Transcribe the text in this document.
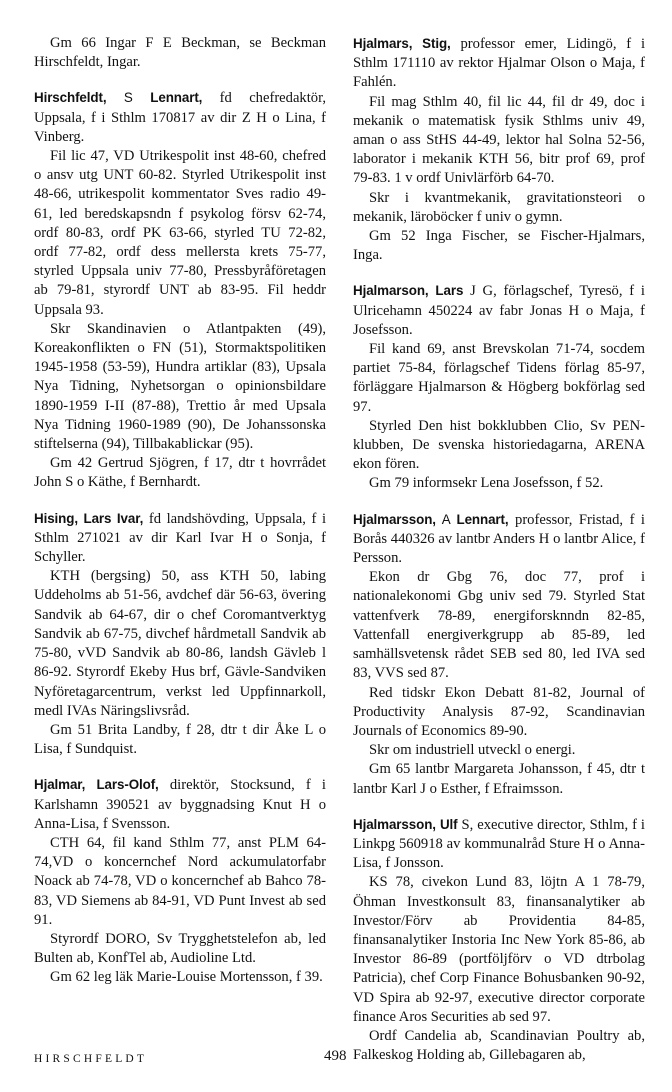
Gm 66 Ingar F E Beckman, se Beckman Hirschfeldt, Ingar.

Hirschfeldt, S Lennart, fd chefredaktör, Uppsala, f i Sthlm 170817 av dir Z H o Lina, f Vinberg.

Fil lic 47, VD Utrikespolit inst 48-60, chefred o ansv utg UNT 60-82. Styrled Utrikespolit inst 48-66, utrikespolit kommentator Sves radio 49-61, led beredskapsndn f psykolog försv 62-74, ordf 80-83, ordf PK 63-66, styrled TU 72-82, ordf 77-82, ordf dess mellersta krets 75-77, styrled Uppsala univ 77-80, Pressbyråföretagen ab 79-81, styrordf UNT ab 83-95. Fil heddr Uppsala 93.

Skr Skandinavien o Atlantpakten (49), Koreakonflikten o FN (51), Stormaktspolitiken 1945-1958 (53-59), Hundra artiklar (83), Upsala Nya Tidning, Nyhetsorgan o opinionsbildare 1890-1959 I-II (87-88), Trettio år med Upsala Nya Tidning 1960-1989 (90), De Johanssonska stiftelserna (94), Tillbakablickar (95).

Gm 42 Gertrud Sjögren, f 17, dtr t hovrrådet John S o Käthe, f Bernhardt.

Hising, Lars Ivar, fd landshövding, Uppsala, f i Sthlm 271021 av dir Karl Ivar H o Sonja, f Schyller.

KTH (bergsing) 50, ass KTH 50, labing Uddeholms ab 51-56, avdchef där 56-63, övering Sandvik ab 64-67, dir o chef Coromantverktyg Sandvik ab 67-75, divchef hårdmetall Sandvik ab 75-80, vVD Sandvik ab 80-86, landsh Gävleb l 86-92. Styrordf Ekeby Hus brf, Gävle-Sandviken Nyföretagarcentrum, verkst led Uppfinnarkoll, medl IVAs Näringslivsråd.

Gm 51 Brita Landby, f 28, dtr t dir Åke L o Lisa, f Sundquist.

Hjalmar, Lars-Olof, direktör, Stocksund, f i Karlshamn 390521 av byggnadsing Knut H o Anna-Lisa, f Svensson.

CTH 64, fil kand Sthlm 77, anst PLM 64-74,VD o koncernchef Nord ackumulatorfabr Noack ab 74-78, VD o koncernchef ab Bahco 78-83, VD Siemens ab 84-91, VD Punt Invest ab sed 91.

Styrordf DORO, Sv Trygghetstelefon ab, led Bulten ab, KonfTel ab, Audioline Ltd.

Gm 62 leg läk Marie-Louise Mortensson, f 39.

Hjalmars, Stig, professor emer, Lidingö, f i Sthlm 171110 av rektor Hjalmar Olson o Maja, f Fahlén.

Fil mag Sthlm 40, fil lic 44, fil dr 49, doc i mekanik o matematisk fysik Sthlms univ 49, aman o ass StHS 44-49, lektor hal Solna 52-56, laborator i mekanik KTH 56, bitr prof 69, prof 79-83. 1 v ordf Univlärförb 64-70.

Skr i kvantmekanik, gravitationsteori o mekanik, läroböcker f univ o gymn.

Gm 52 Inga Fischer, se Fischer-Hjalmars, Inga.

Hjalmarson, Lars J G, förlagschef, Tyresö, f i Ulricehamn 450224 av fabr Jonas H o Maja, f Josefsson.

Fil kand 69, anst Brevskolan 71-74, socdem partiet 75-84, förlagschef Tidens förlag 85-97, förläggare Hjalmarson & Högberg bokförlag sed 97.

Styrled Den hist bokklubben Clio, Sv PEN-klubben, De svenska historiedagarna, ARENA ekon fören.

Gm 79 informsekr Lena Josefsson, f 52.

Hjalmarsson, A Lennart, professor, Fristad, f i Borås 440326 av lantbr Anders H o lantbr Alice, f Persson.

Ekon dr Gbg 76, doc 77, prof i nationalekonomi Gbg univ sed 79. Styrled Stat vattenfverk 78-89, energiforsknndn 82-85, Vattenfall energiverkgrupp ab 85-89, led samhällsvetensk rådet SEB sed 80, led IVA sed 83, VVS sed 87.

Red tidskr Ekon Debatt 81-82, Journal of Productivity Analysis 87-92, Scandinavian Journals of Economics 89-90.

Skr om industriell utveckl o energi.

Gm 65 lantbr Margareta Johansson, f 45, dtr t lantbr Karl J o Esther, f Efraimsson.

Hjalmarsson, Ulf S, executive director, Sthlm, f i Linkpg 560918 av kommunalråd Sture H o Anna-Lisa, f Jonsson.

KS 78, civekon Lund 83, löjtn A 1 78-79, Öhman Investkonsult 83, finansanalytiker ab Investor/Förv ab Providentia 84-85, finansanalytiker Instoria Inc New York 85-86, ab Investor 86-89 (portföljförv o VD dtrbolag Patricia), chef Corp Finance Bohusbanken 90-92, VD Spira ab 92-97, executive director corporate finance Aros Securities ab sed 97.

Ordf Candelia ab, Scandinavian Poultry ab, Falkeskog Holding ab, Gillebagaren ab,

HIRSCHFELDT	498
